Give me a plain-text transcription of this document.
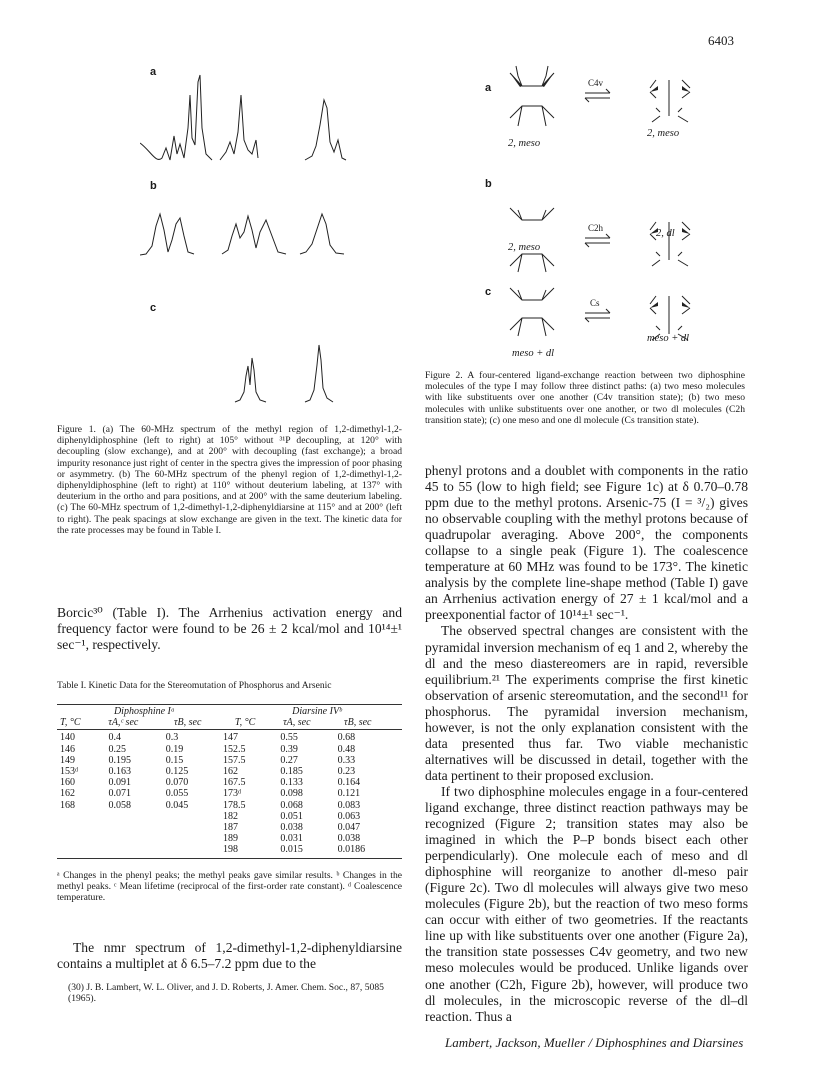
6403
a
b
c
a
b
c
C4v
C2h
Cs
2, meso
2, meso
meso + dl
2, meso
2, dl
meso + dl
Figure 2. A four-centered ligand-exchange reaction between two diphosphine molecules of the type I may follow three distinct paths: (a) two meso molecules with like substituents over one another (C4v transition state); (b) two meso molecules with unlike substituents over one another, or two dl molecules (C2h transition state); (c) one meso and one dl molecule (Cs transition state).
Figure 1. (a) The 60-MHz spectrum of the methyl region of 1,2-dimethyl-1,2-diphenyldiphosphine (left to right) at 105° without ³¹P decoupling, at 120° with decoupling (slow exchange), and at 200° with decoupling (fast exchange); a broad impurity resonance just right of center in the spectra gives the impression of poor phasing or asymmetry. (b) The 60-MHz spectrum of the phenyl region of 1,2-dimethyl-1,2-diphenyldiphosphine (left to right) at 110° without deuterium labeling, at 137° with deuterium in the ortho and para positions, and at 200° with the same deuterium labeling. (c) The 60-MHz spectrum of 1,2-dimethyl-1,2-diphenyldiarsine at 115° and at 200° (left to right). The peak spacings at slow exchange are given in the text. The kinetic data for the rate processes may be found in Table I.
Borcic³⁰ (Table I). The Arrhenius activation energy and frequency factor were found to be 26 ± 2 kcal/mol and 10¹⁴±¹ sec⁻¹, respectively.
Table I. Kinetic Data for the Stereomutation of Phosphorus and Arsenic
Diphosphine Iᵃ			Diarsine IVᵇ		
T, °C	τA,ᶜ sec	τB, sec	T, °C	τA, sec	τB, sec
140	0.4	0.3	147	0.55	0.68
146	0.25	0.19	152.5	0.39	0.48
149	0.195	0.15	157.5	0.27	0.33
153ᵈ	0.163	0.125	162	0.185	0.23
160	0.091	0.070	167.5	0.133	0.164
162	0.071	0.055	173ᵈ	0.098	0.121
168	0.058	0.045	178.5	0.068	0.083
			182	0.051	0.063
			187	0.038	0.047
			189	0.031	0.038
			198	0.015	0.0186
ᵃ Changes in the phenyl peaks; the methyl peaks gave similar results. ᵇ Changes in the methyl peaks. ᶜ Mean lifetime (reciprocal of the first-order rate constant). ᵈ Coalescence temperature.
The nmr spectrum of 1,2-dimethyl-1,2-diphenyldiarsine contains a multiplet at δ 6.5–7.2 ppm due to the
(30) J. B. Lambert, W. L. Oliver, and J. D. Roberts, J. Amer. Chem. Soc., 87, 5085 (1965).

phenyl protons and a doublet with components in the ratio 45 to 55 (low to high field; see Figure 1c) at δ 0.70–0.78 ppm due to the methyl protons. Arsenic-75 (I = ³/₂) gives no observable coupling with the methyl protons because of quadrupolar averaging. Above 200°, the components collapse to a single peak (Figure 1). The coalescence temperature at 60 MHz was found to be 173°. The kinetic analysis by the complete line-shape method (Table I) gave an Arrhenius activation energy of 27 ± 1 kcal/mol and a preexponential factor of 10¹⁴±¹ sec⁻¹.

The observed spectral changes are consistent with the pyramidal inversion mechanism of eq 1 and 2, whereby the dl and the meso diastereomers are in rapid, reversible equilibrium.²¹ The experiments comprise the first kinetic observation of arsenic stereomutation, and the second¹¹ for phosphorus. The pyramidal inversion mechanism, however, is not the only explanation consistent with the data presented thus far. Two viable mechanistic alternatives will be discussed in detail, together with the data pertinent to their proposed exclusion.

If two diphosphine molecules engage in a four-centered ligand exchange, three distinct reaction pathways may be recognized (Figure 2; transition states may also be imagined in which the P–P bonds bisect each other perpendicularly). One molecule each of meso and dl diphosphine will reorganize to another dl-meso pair (Figure 2c). Two dl molecules will always give two meso molecules (Figure 2b), but the reaction of two meso forms can occur with either of two geometries. If the reactants line up with like substituents over one another (Figure 2a), the transition state possesses C4v geometry, and two new meso molecules would be produced. Unlike ligands over one another (C2h, Figure 2b), however, will produce two dl molecules, in the microscopic reverse of the dl–dl reaction. Thus a

Lambert, Jackson, Mueller / Diphosphines and Diarsines
